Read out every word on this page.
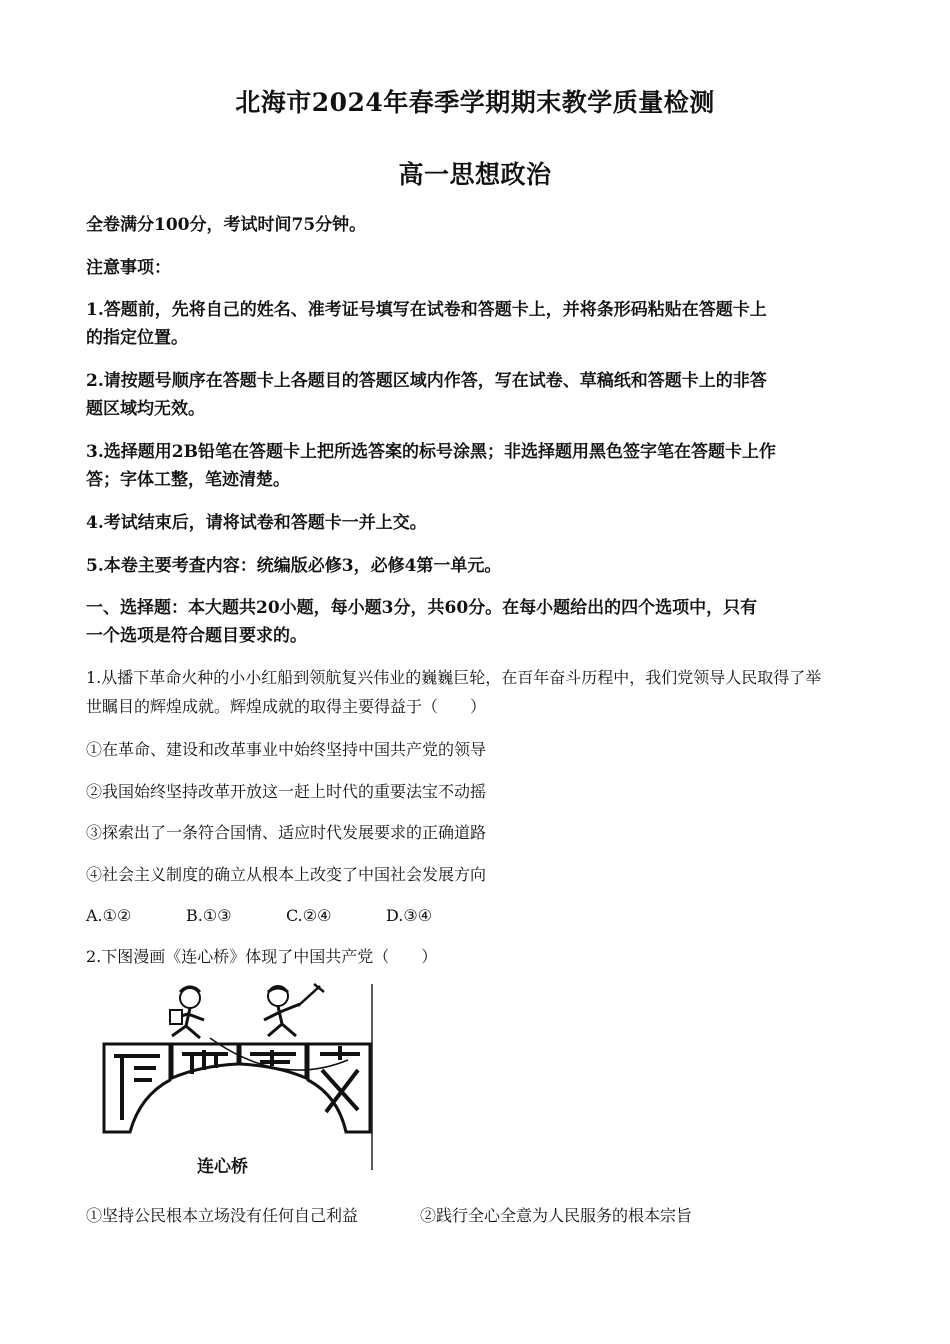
北海市2024年春季学期期末教学质量检测
高一思想政治
全卷满分100分，考试时间75分钟。
注意事项：
1.答题前，先将自己的姓名、准考证号填写在试卷和答题卡上，并将条形码粘贴在答题卡上
的指定位置。
2.请按题号顺序在答题卡上各题目的答题区域内作答，写在试卷、草稿纸和答题卡上的非答
题区域均无效。
3.选择题用2B铅笔在答题卡上把所选答案的标号涂黑；非选择题用黑色签字笔在答题卡上作
答；字体工整，笔迹清楚。
4.考试结束后，请将试卷和答题卡一并上交。
5.本卷主要考查内容：统编版必修3，必修4第一单元。
一、选择题：本大题共20小题，每小题3分，共60分。在每小题给出的四个选项中，只有
一个选项是符合题目要求的。
1.从播下革命火种的小小红船到领航复兴伟业的巍巍巨轮，在百年奋斗历程中，我们党领导人民取得了举
世瞩目的辉煌成就。辉煌成就的取得主要得益于（　　）
①在革命、建设和改革事业中始终坚持中国共产党的领导
②我国始终坚持改革开放这一赶上时代的重要法宝不动摇
③探索出了一条符合国情、适应时代发展要求的正确道路
④社会主义制度的确立从根本上改变了中国社会发展方向
A.①②	B.①③	C.②④	D.③④
2.下图漫画《连心桥》体现了中国共产党（　　）
连心桥
①坚持公民根本立场没有任何自己利益	②践行全心全意为人民服务的根本宗旨
